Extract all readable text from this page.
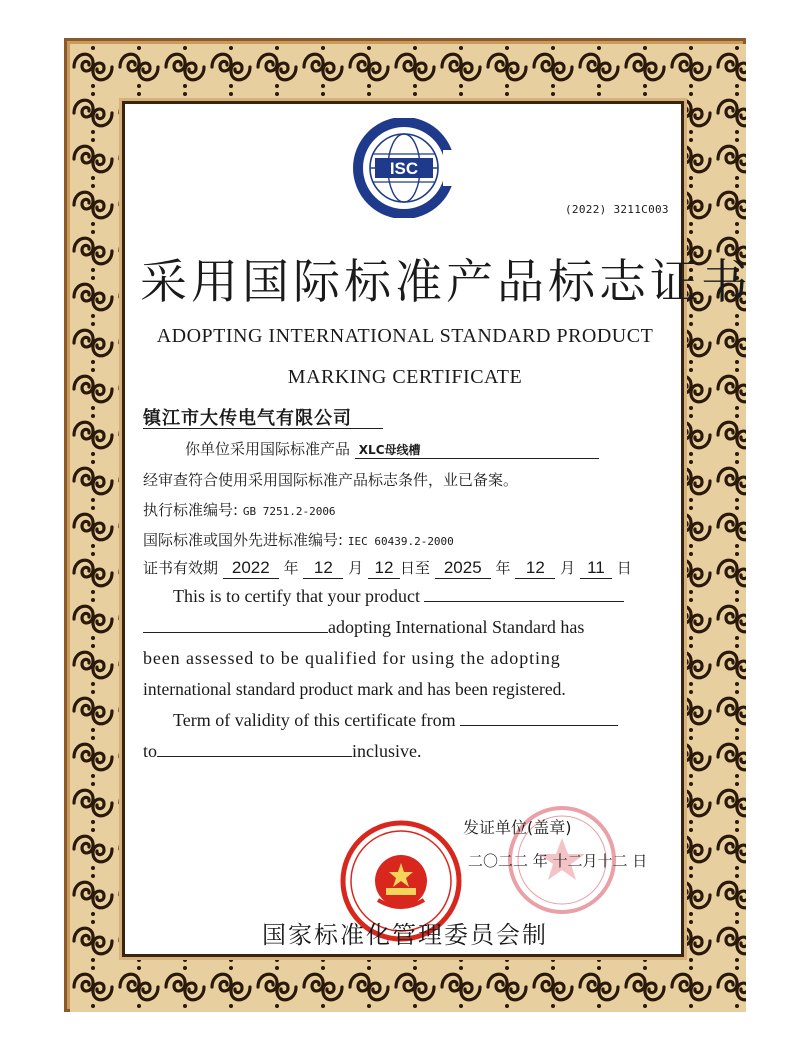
ISC
(2022) 3211C003
采用国际标准产品标志证书
ADOPTING INTERNATIONAL STANDARD PRODUCT
MARKING CERTIFICATE
镇江市大传电气有限公司
你单位采用国际标准产品 XLC母线槽
经审查符合使用采用国际标准产品标志条件，业已备案。
执行标准编号: GB 7251.2-2006
国际标准或国外先进标准编号: IEC 60439.2-2000
证书有效期 2022 年 12 月 12 日至 2025 年 12 月 11 日
This is to certify that your product
adopting International Standard has
been assessed to be qualified for using the adopting
international standard product mark and has been registered.
Term of validity of this certificate from
to	inclusive.
发证单位(盖章)
二〇二二 年 十二月十二 日
国家标准化管理委员会制
